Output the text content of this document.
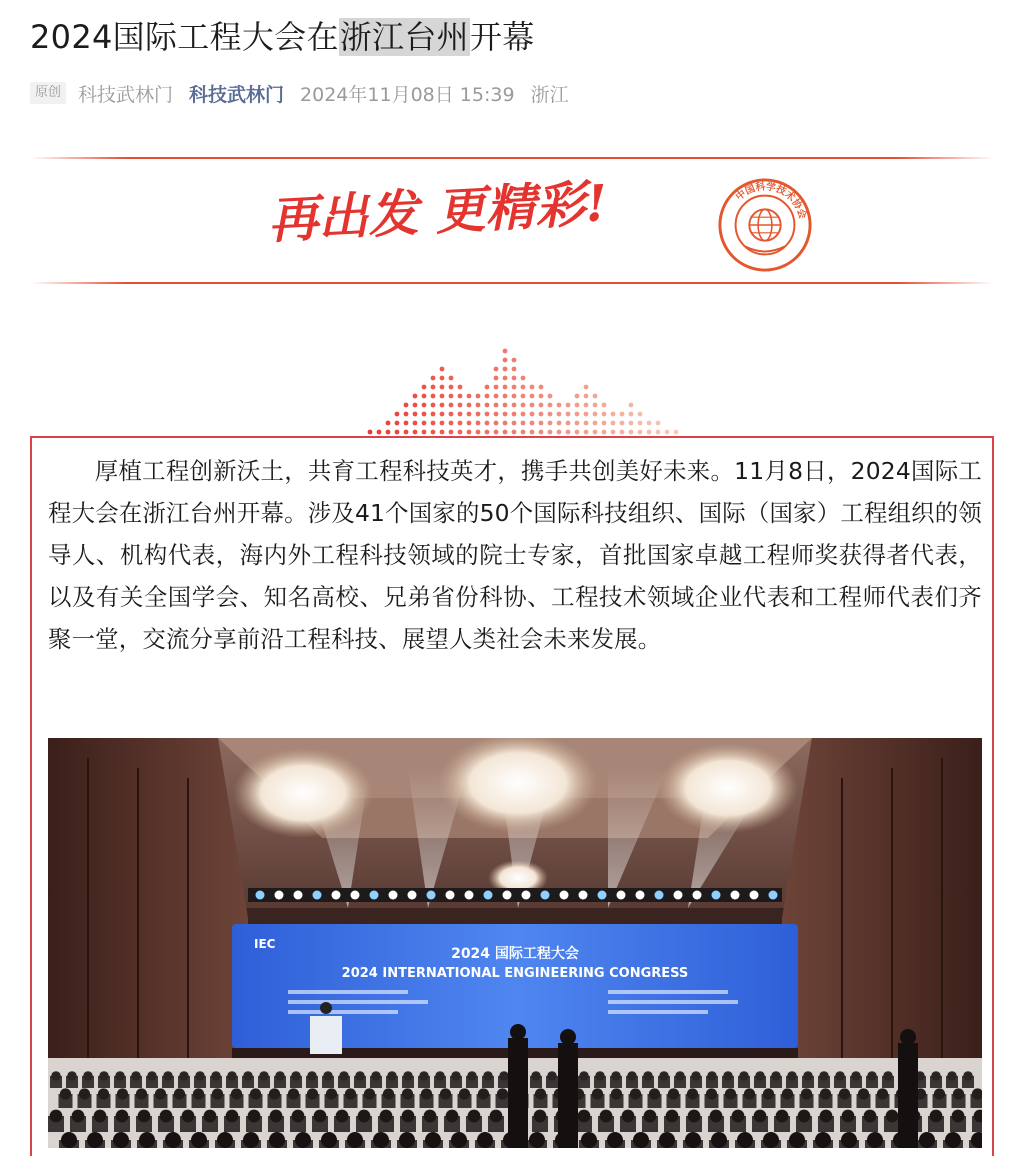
2024国际工程大会在浙江台州开幕
原创 科技武林门 科技武林门 2024年11月08日 15:39 浙江
再出发 更精彩!	中国科学技术协会

厚植工程创新沃土，共育工程科技英才，携手共创美好未来。11月8日，2024国际工程大会在浙江台州开幕。涉及41个国家的50个国际科技组织、国际（国家）工程组织的领导人、机构代表，海内外工程科技领域的院士专家，首批国家卓越工程师奖获得者代表，以及有关全国学会、知名高校、兄弟省份科协、工程技术领域企业代表和工程师代表们齐聚一堂，交流分享前沿工程科技、展望人类社会未来发展。

IEC
2024 国际工程大会
2024 INTERNATIONAL ENGINEERING CONGRESS
